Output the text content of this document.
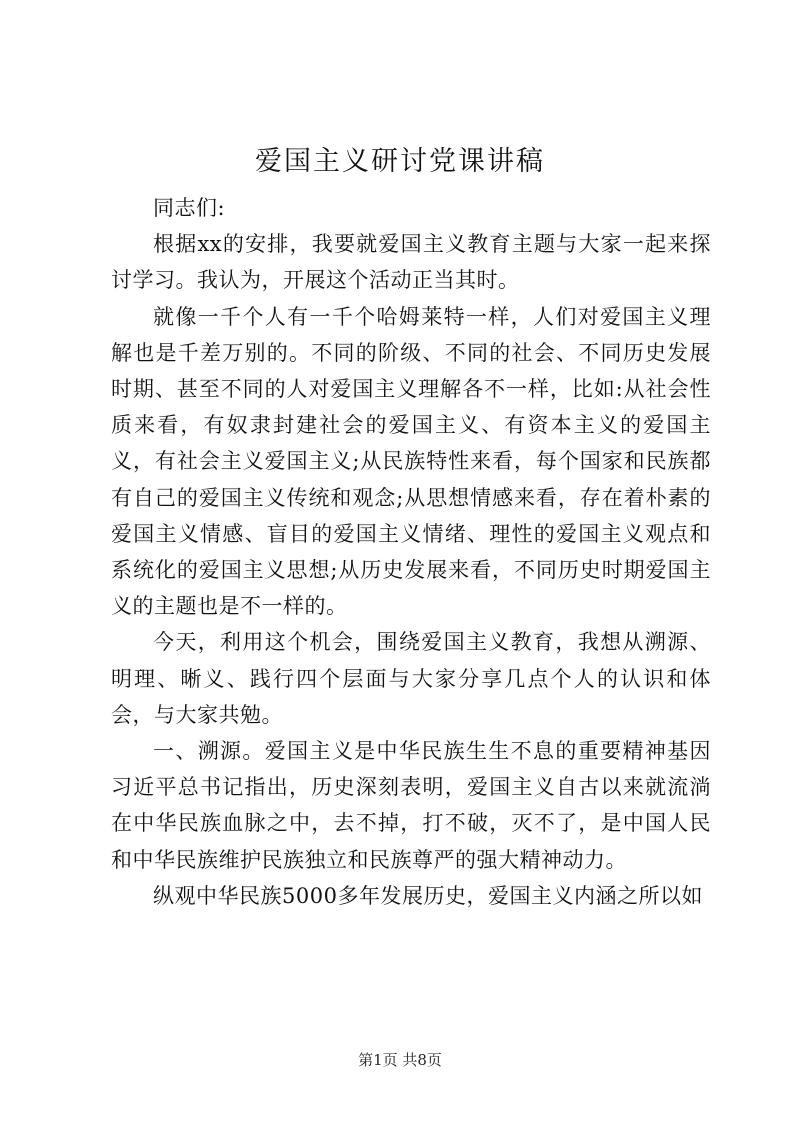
爱国主义研讨党课讲稿

同志们:

根据xx的安排，我要就爱国主义教育主题与大家一起来探讨学习。我认为，开展这个活动正当其时。

就像一千个人有一千个哈姆莱特一样，人们对爱国主义理解也是千差万别的。不同的阶级、不同的社会、不同历史发展时期、甚至不同的人对爱国主义理解各不一样，比如:从社会性质来看，有奴隶封建社会的爱国主义、有资本主义的爱国主义，有社会主义爱国主义;从民族特性来看，每个国家和民族都有自己的爱国主义传统和观念;从思想情感来看，存在着朴素的爱国主义情感、盲目的爱国主义情绪、理性的爱国主义观点和系统化的爱国主义思想;从历史发展来看，不同历史时期爱国主义的主题也是不一样的。

今天，利用这个机会，围绕爱国主义教育，我想从溯源、明理、晰义、践行四个层面与大家分享几点个人的认识和体会，与大家共勉。

一、溯源。爱国主义是中华民族生生不息的重要精神基因习近平总书记指出，历史深刻表明，爱国主义自古以来就流淌在中华民族血脉之中，去不掉，打不破，灭不了，是中国人民和中华民族维护民族独立和民族尊严的强大精神动力。

纵观中华民族5000多年发展历史，爱国主义内涵之所以如

第1页 共8页
